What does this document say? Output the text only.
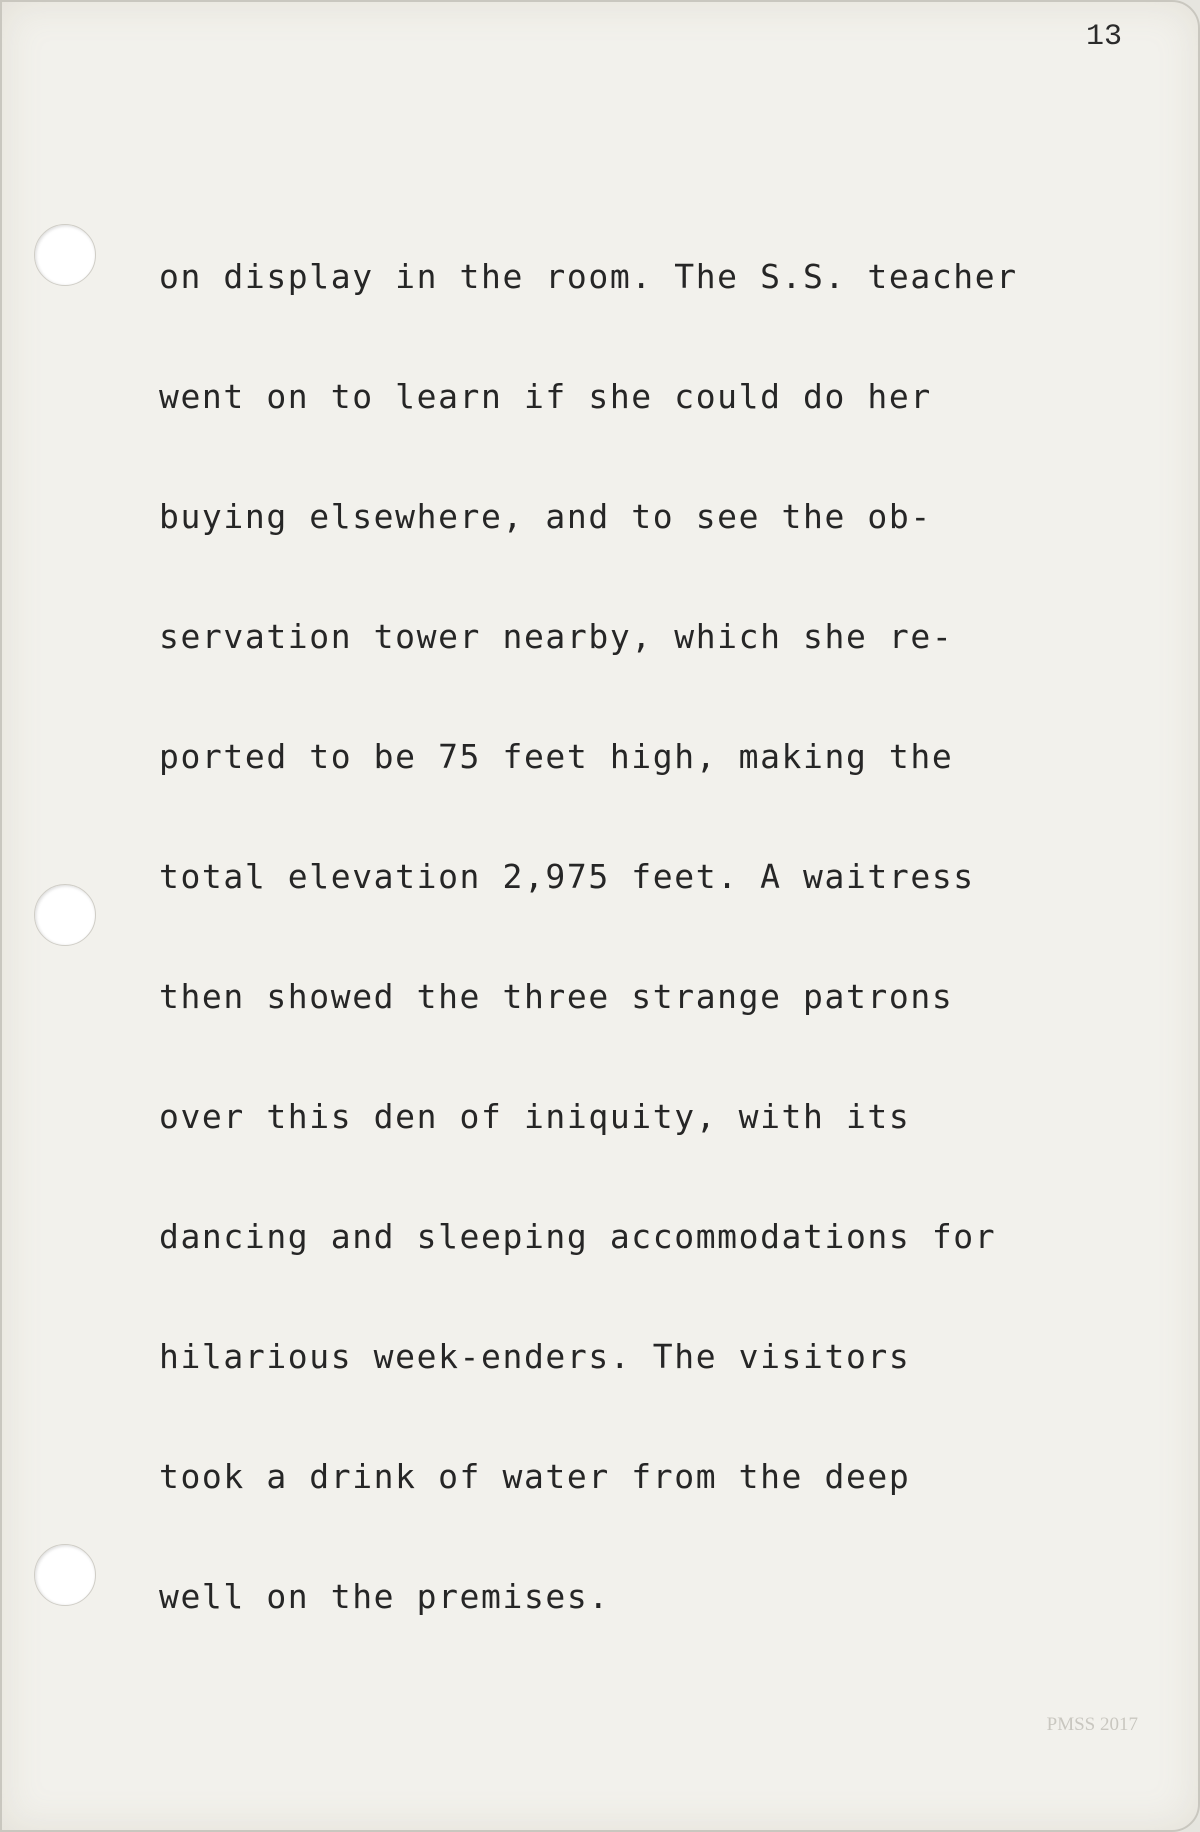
13

on display in the room. The S.S. teacher

went on to learn if she could do her

buying elsewhere, and to see the ob-

servation tower nearby, which she re-

ported to be 75 feet high, making the

total elevation 2,975 feet. A waitress

then showed the three strange patrons

over this den of iniquity, with its

dancing and sleeping accommodations for

hilarious week-enders. The visitors

took a drink of water from the deep

well on the premises.

PMSS 2017
